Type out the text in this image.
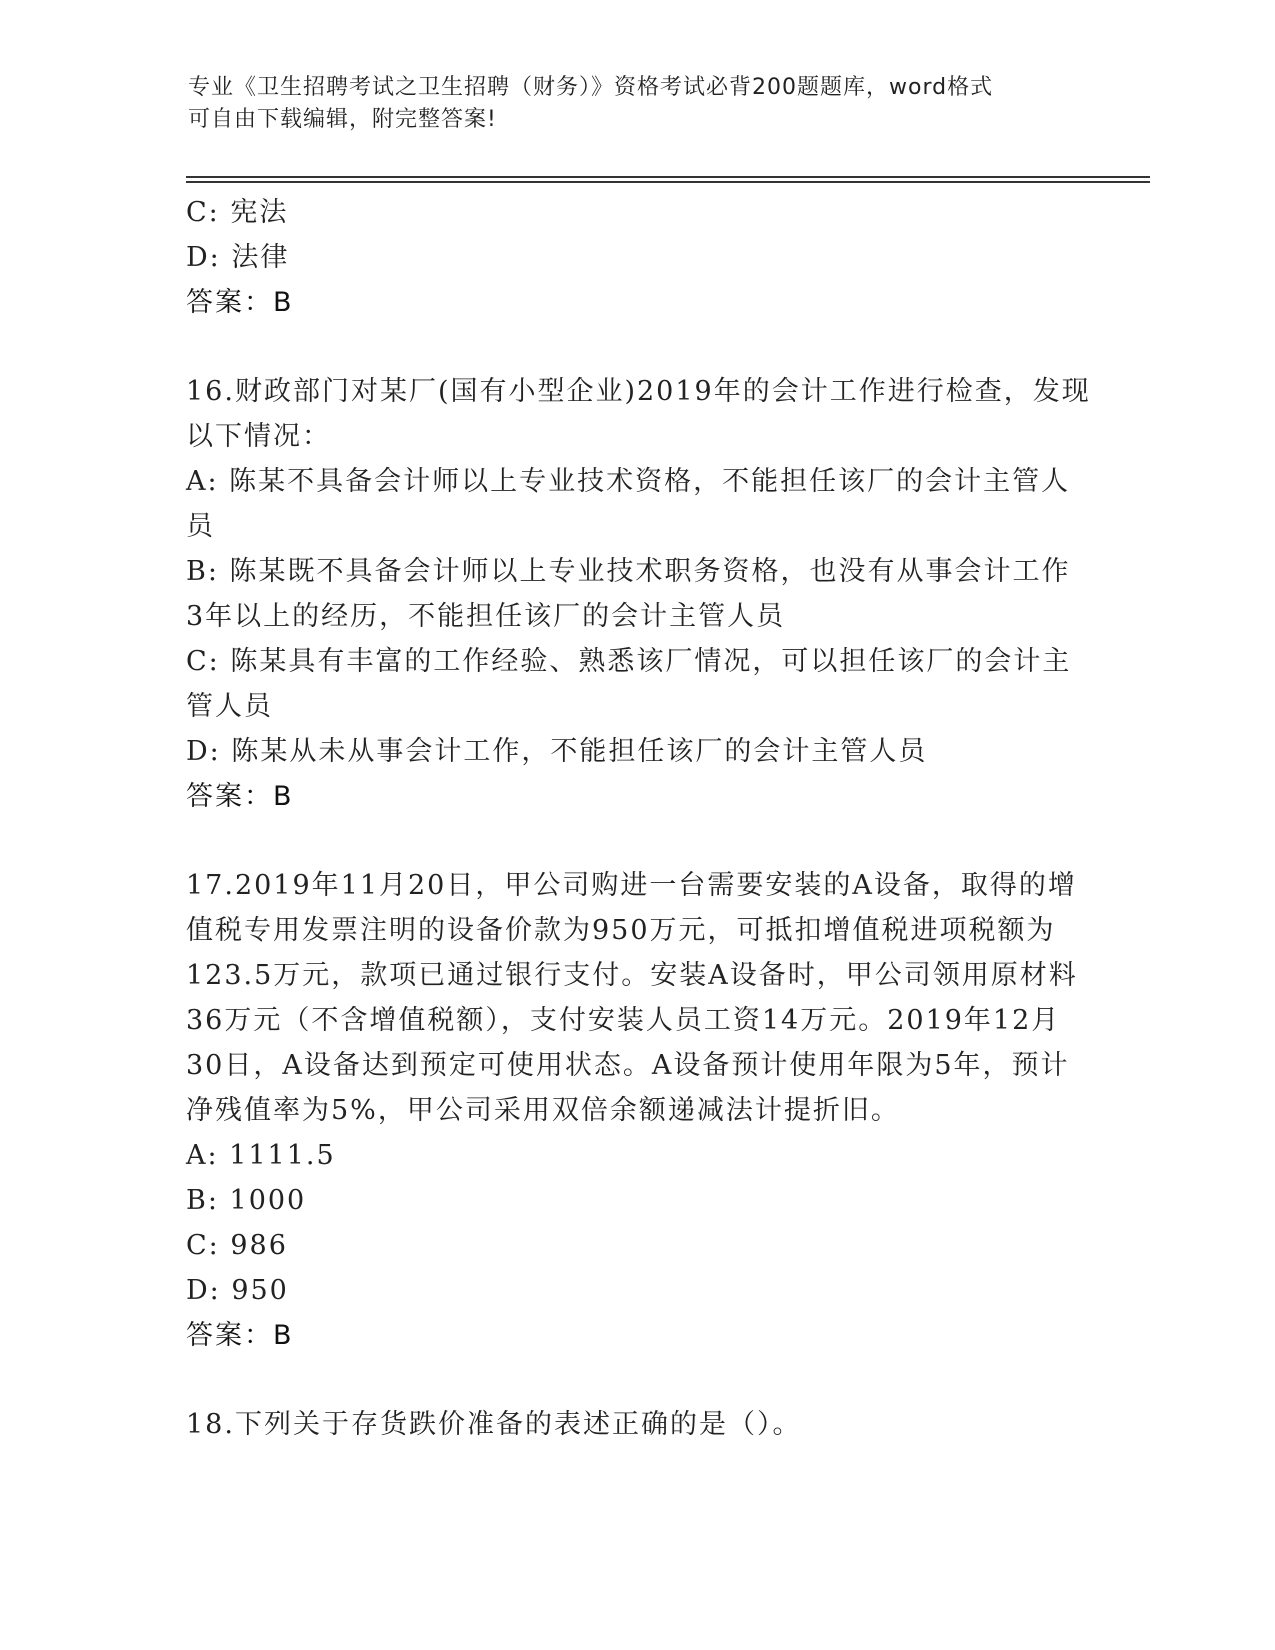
专业《卫生招聘考试之卫生招聘（财务）》资格考试必背200题题库，word格式
可自由下载编辑，附完整答案!
C: 宪法
D: 法律
答案：B
16.财政部门对某厂(国有小型企业)2019年的会计工作进行检查，发现
以下情况：
A: 陈某不具备会计师以上专业技术资格，不能担任该厂的会计主管人
员
B: 陈某既不具备会计师以上专业技术职务资格，也没有从事会计工作
3年以上的经历，不能担任该厂的会计主管人员
C: 陈某具有丰富的工作经验、熟悉该厂情况，可以担任该厂的会计主
管人员
D: 陈某从未从事会计工作，不能担任该厂的会计主管人员
答案：B
17.2019年11月20日，甲公司购进一台需要安装的A设备，取得的增
值税专用发票注明的设备价款为950万元，可抵扣增值税进项税额为
123.5万元，款项已通过银行支付。安装A设备时，甲公司领用原材料
36万元（不含增值税额），支付安装人员工资14万元。2019年12月
30日，A设备达到预定可使用状态。A设备预计使用年限为5年，预计
净残值率为5%，甲公司采用双倍余额递减法计提折旧。
A: 1111.5
B: 1000
C: 986
D: 950
答案：B
18.下列关于存货跌价准备的表述正确的是（）。
